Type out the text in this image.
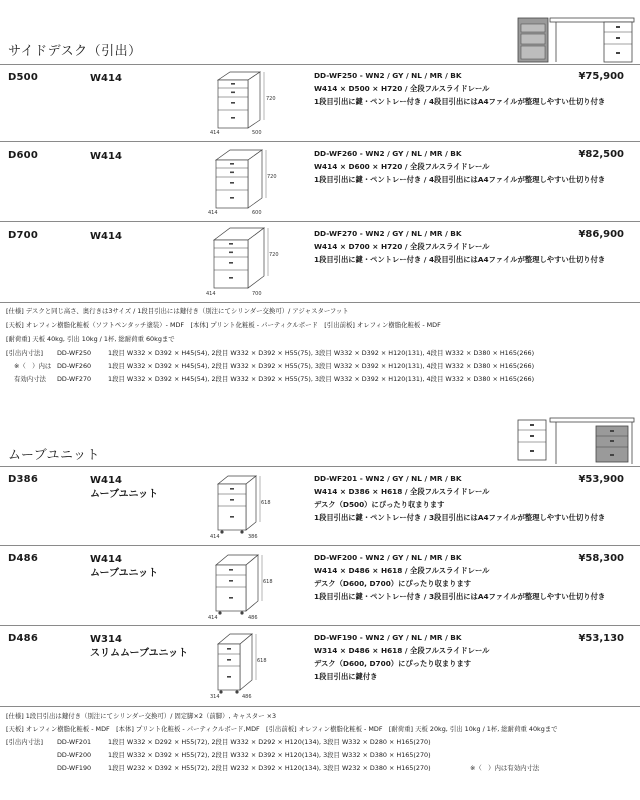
サイドデスク（引出）
D500	W414
720
414	500
DD-WF250 - WN2 / GY / NL / MR / BK
W414 × D500 × H720 / 全段フルスライドレール
1段目引出に鍵・ペントレー付き / 4段目引出にはA4ファイルが整理しやすい仕切り付き
¥75,900
D600	W414
720
414	600
DD-WF260 - WN2 / GY / NL / MR / BK
W414 × D600 × H720 / 全段フルスライドレール
1段目引出に鍵・ペントレー付き / 4段目引出にはA4ファイルが整理しやすい仕切り付き
¥82,500
D700	W414
720
414	700
DD-WF270 - WN2 / GY / NL / MR / BK
W414 × D700 × H720 / 全段フルスライドレール
1段目引出に鍵・ペントレー付き / 4段目引出にはA4ファイルが整理しやすい仕切り付き
¥86,900
[仕様] デスクと同じ高さ、奥行きは3サイズ / 1段目引出には鍵付き（別注にてシリンダー交換可）/ アジャスターフット
[天板] オレフィン樹脂化粧板（ソフトペンタッチ塗装）- MDF　[本体] プリント化粧板 - パーティクルボード　[引出前板] オレフィン樹脂化粧板 - MDF
[耐荷重] 天板 40kg, 引出 10kg / 1杯, 総耐荷重 60kgまで
[引出内寸法]
※（　）内は
有効内寸法
DD-WF250	1段目 W332 × D392 × H45(54), 2段目 W332 × D392 × H55(75), 3段目 W332 × D392 × H120(131), 4段目 W332 × D380 × H165(266)
DD-WF260	1段目 W332 × D392 × H45(54), 2段目 W332 × D392 × H55(75), 3段目 W332 × D392 × H120(131), 4段目 W332 × D380 × H165(266)
DD-WF270	1段目 W332 × D392 × H45(54), 2段目 W332 × D392 × H55(75), 3段目 W332 × D392 × H120(131), 4段目 W332 × D380 × H165(266)
ムーブユニット
D386	W414
ムーブユニット
618
414	386
DD-WF201 - WN2 / GY / NL / MR / BK
W414 × D386 × H618 / 全段フルスライドレール
デスク（D500）にぴったり収まります
1段目引出に鍵・ペントレー付き / 3段目引出にはA4ファイルが整理しやすい仕切り付き
¥53,900
D486	W414
ムーブユニット
618
414	486
DD-WF200 - WN2 / GY / NL / MR / BK
W414 × D486 × H618 / 全段フルスライドレール
デスク（D600, D700）にぴったり収まります
1段目引出に鍵・ペントレー付き / 3段目引出にはA4ファイルが整理しやすい仕切り付き
¥58,300
D486	W314
スリムムーブユニット
618
314	486
DD-WF190 - WN2 / GY / NL / MR / BK
W314 × D486 × H618 / 全段フルスライドレール
デスク（D600, D700）にぴったり収まります
1段目引出に鍵付き
¥53,130
[仕様] 1段目引出は鍵付き（別注にてシリンダー交換可）/ 固定脚×2（前脚）, キャスター ×3
[天板] オレフィン樹脂化粧板 - MDF　[本体] プリント化粧板 - パーティクルボード,MDF　[引出前板] オレフィン樹脂化粧板 - MDF　[耐荷重] 天板 20kg, 引出 10kg / 1杯, 総耐荷重 40kgまで
[引出内寸法] DD-WF201	1段目 W332 × D292 × H55(72), 2段目 W332 × D292 × H120(134), 3段目 W332 × D280 × H165(270)
DD-WF200	1段目 W332 × D392 × H55(72), 2段目 W332 × D392 × H120(134), 3段目 W332 × D380 × H165(270)
DD-WF190	1段目 W232 × D392 × H55(72), 2段目 W232 × D392 × H120(134), 3段目 W232 × D380 × H165(270)	※（　）内は有効内寸法
